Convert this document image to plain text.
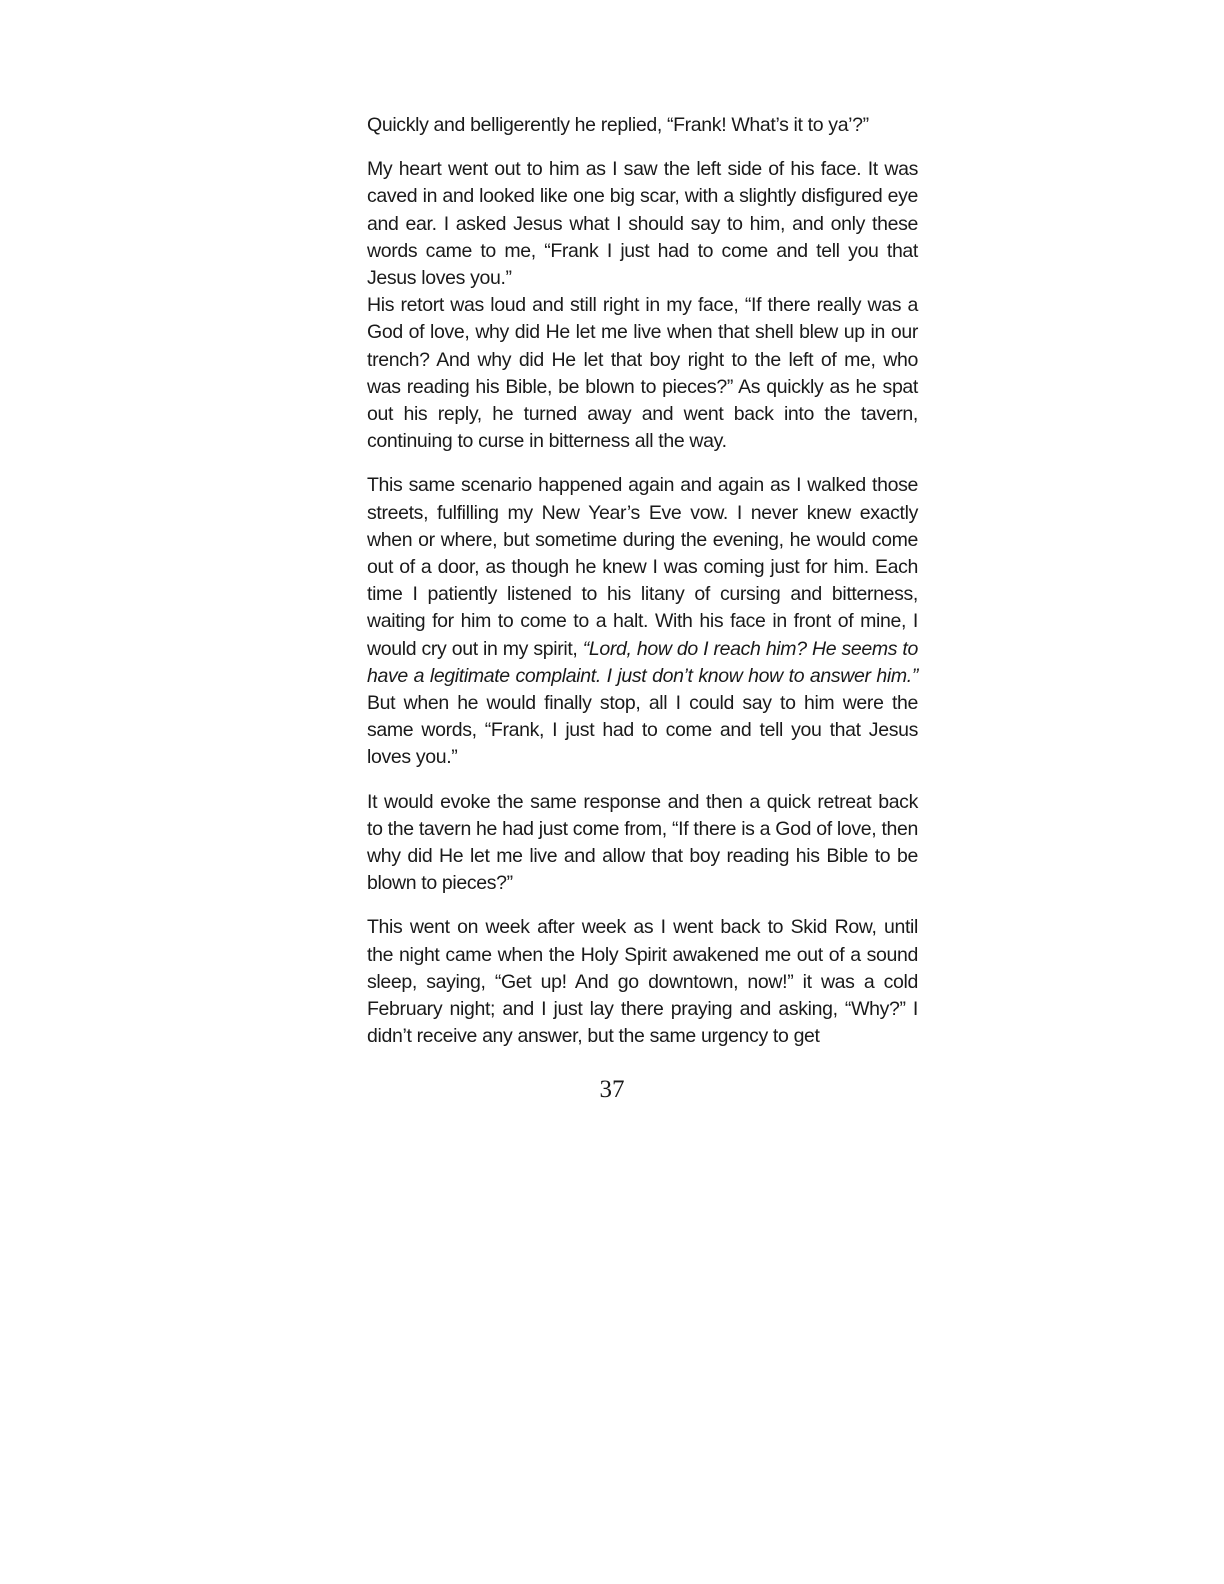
Quickly and belligerently he replied, “Frank! What’s it to ya’?”

My heart went out to him as I saw the left side of his face. It was caved in and looked like one big scar, with a slightly disfigured eye and ear. I asked Jesus what I should say to him, and only these words came to me, “Frank I just had to come and tell you that Jesus loves you.”

His retort was loud and still right in my face, “If there really was a God of love, why did He let me live when that shell blew up in our trench? And why did He let that boy right to the left of me, who was reading his Bible, be blown to pieces?” As quickly as he spat out his reply, he turned away and went back into the tavern, continuing to curse in bitterness all the way.

This same scenario happened again and again as I walked those streets, fulfilling my New Year’s Eve vow. I never knew exactly when or where, but sometime during the evening, he would come out of a door, as though he knew I was coming just for him. Each time I patiently listened to his litany of cursing and bitterness, waiting for him to come to a halt. With his face in front of mine, I would cry out in my spirit, “Lord, how do I reach him? He seems to have a legitimate complaint. I just don’t know how to answer him.” But when he would finally stop, all I could say to him were the same words, “Frank, I just had to come and tell you that Jesus loves you.”

It would evoke the same response and then a quick retreat back to the tavern he had just come from, “If there is a God of love, then why did He let me live and allow that boy reading his Bible to be blown to pieces?”

This went on week after week as I went back to Skid Row, until the night came when the Holy Spirit awakened me out of a sound sleep, saying, “Get up! And go downtown, now!” it was a cold February night; and I just lay there praying and asking, “Why?” I didn’t receive any answer, but the same urgency to get

37
